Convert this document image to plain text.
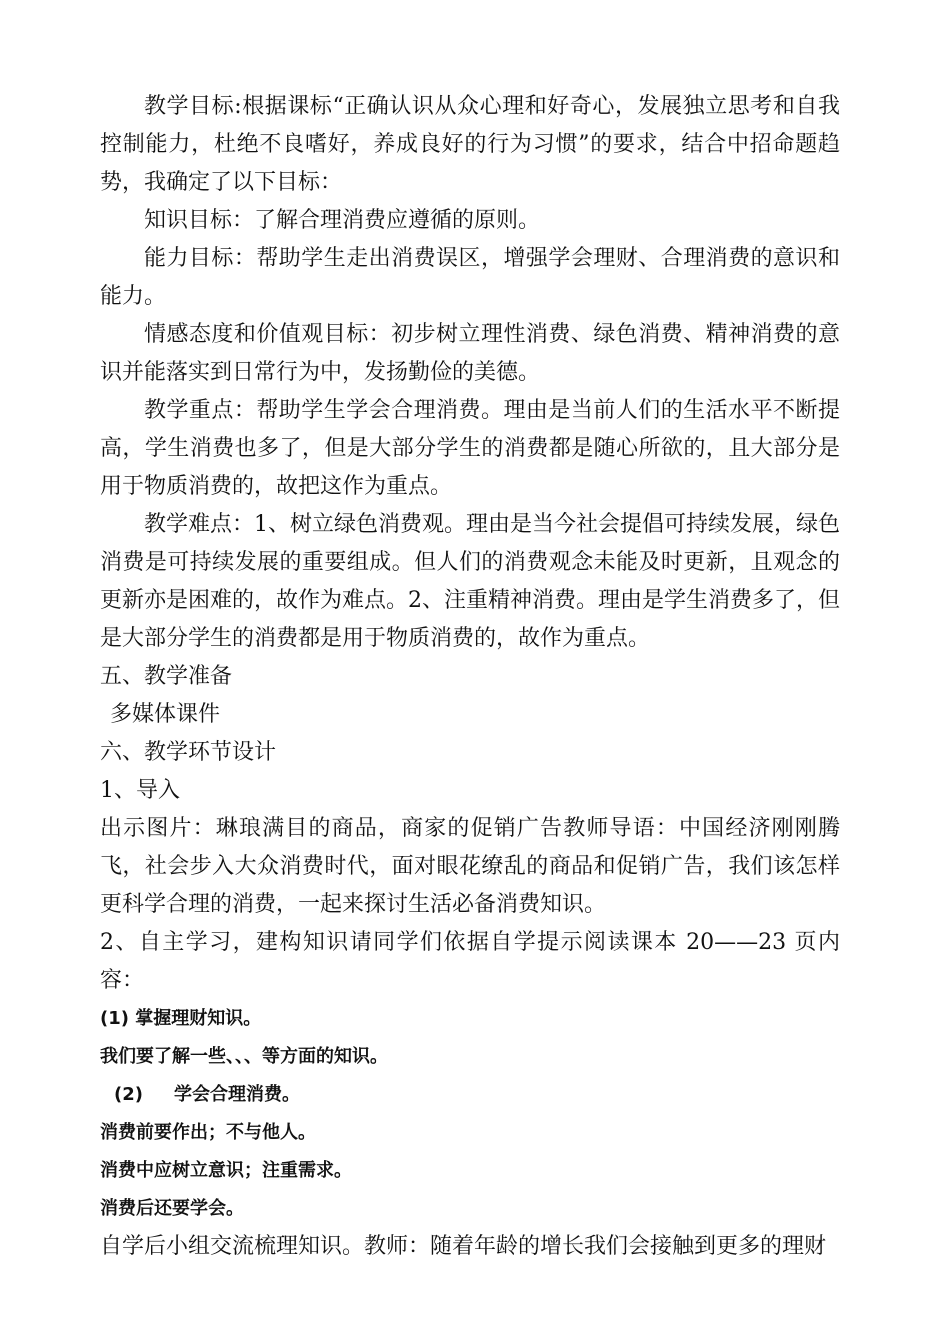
教学目标:根据课标“正确认识从众心理和好奇心，发展独立思考和自我控制能力，杜绝不良嗜好，养成良好的行为习惯”的要求，结合中招命题趋势，我确定了以下目标：

知识目标：了解合理消费应遵循的原则。

能力目标：帮助学生走出消费误区，增强学会理财、合理消费的意识和能力。

情感态度和价值观目标：初步树立理性消费、绿色消费、精神消费的意识并能落实到日常行为中，发扬勤俭的美德。

教学重点：帮助学生学会合理消费。理由是当前人们的生活水平不断提高，学生消费也多了，但是大部分学生的消费都是随心所欲的，且大部分是用于物质消费的，故把这作为重点。

教学难点：1、树立绿色消费观。理由是当今社会提倡可持续发展，绿色消费是可持续发展的重要组成。但人们的消费观念未能及时更新，且观念的更新亦是困难的，故作为难点。2、注重精神消费。理由是学生消费多了，但是大部分学生的消费都是用于物质消费的，故作为重点。

五、教学准备

多媒体课件

六、教学环节设计

1、导入

出示图片：琳琅满目的商品，商家的促销广告教师导语：中国经济刚刚腾飞，社会步入大众消费时代，面对眼花缭乱的商品和促销广告，我们该怎样更科学合理的消费，一起来探讨生活必备消费知识。

2、自主学习，建构知识请同学们依据自学提示阅读课本 20——23 页内容：

(1) 掌握理财知识。

我们要了解一些、、、等方面的知识。

(2) 学会合理消费。

消费前要作出；不与他人。

消费中应树立意识；注重需求。

消费后还要学会。

自学后小组交流梳理知识。教师：随着年龄的增长我们会接触到更多的理财
